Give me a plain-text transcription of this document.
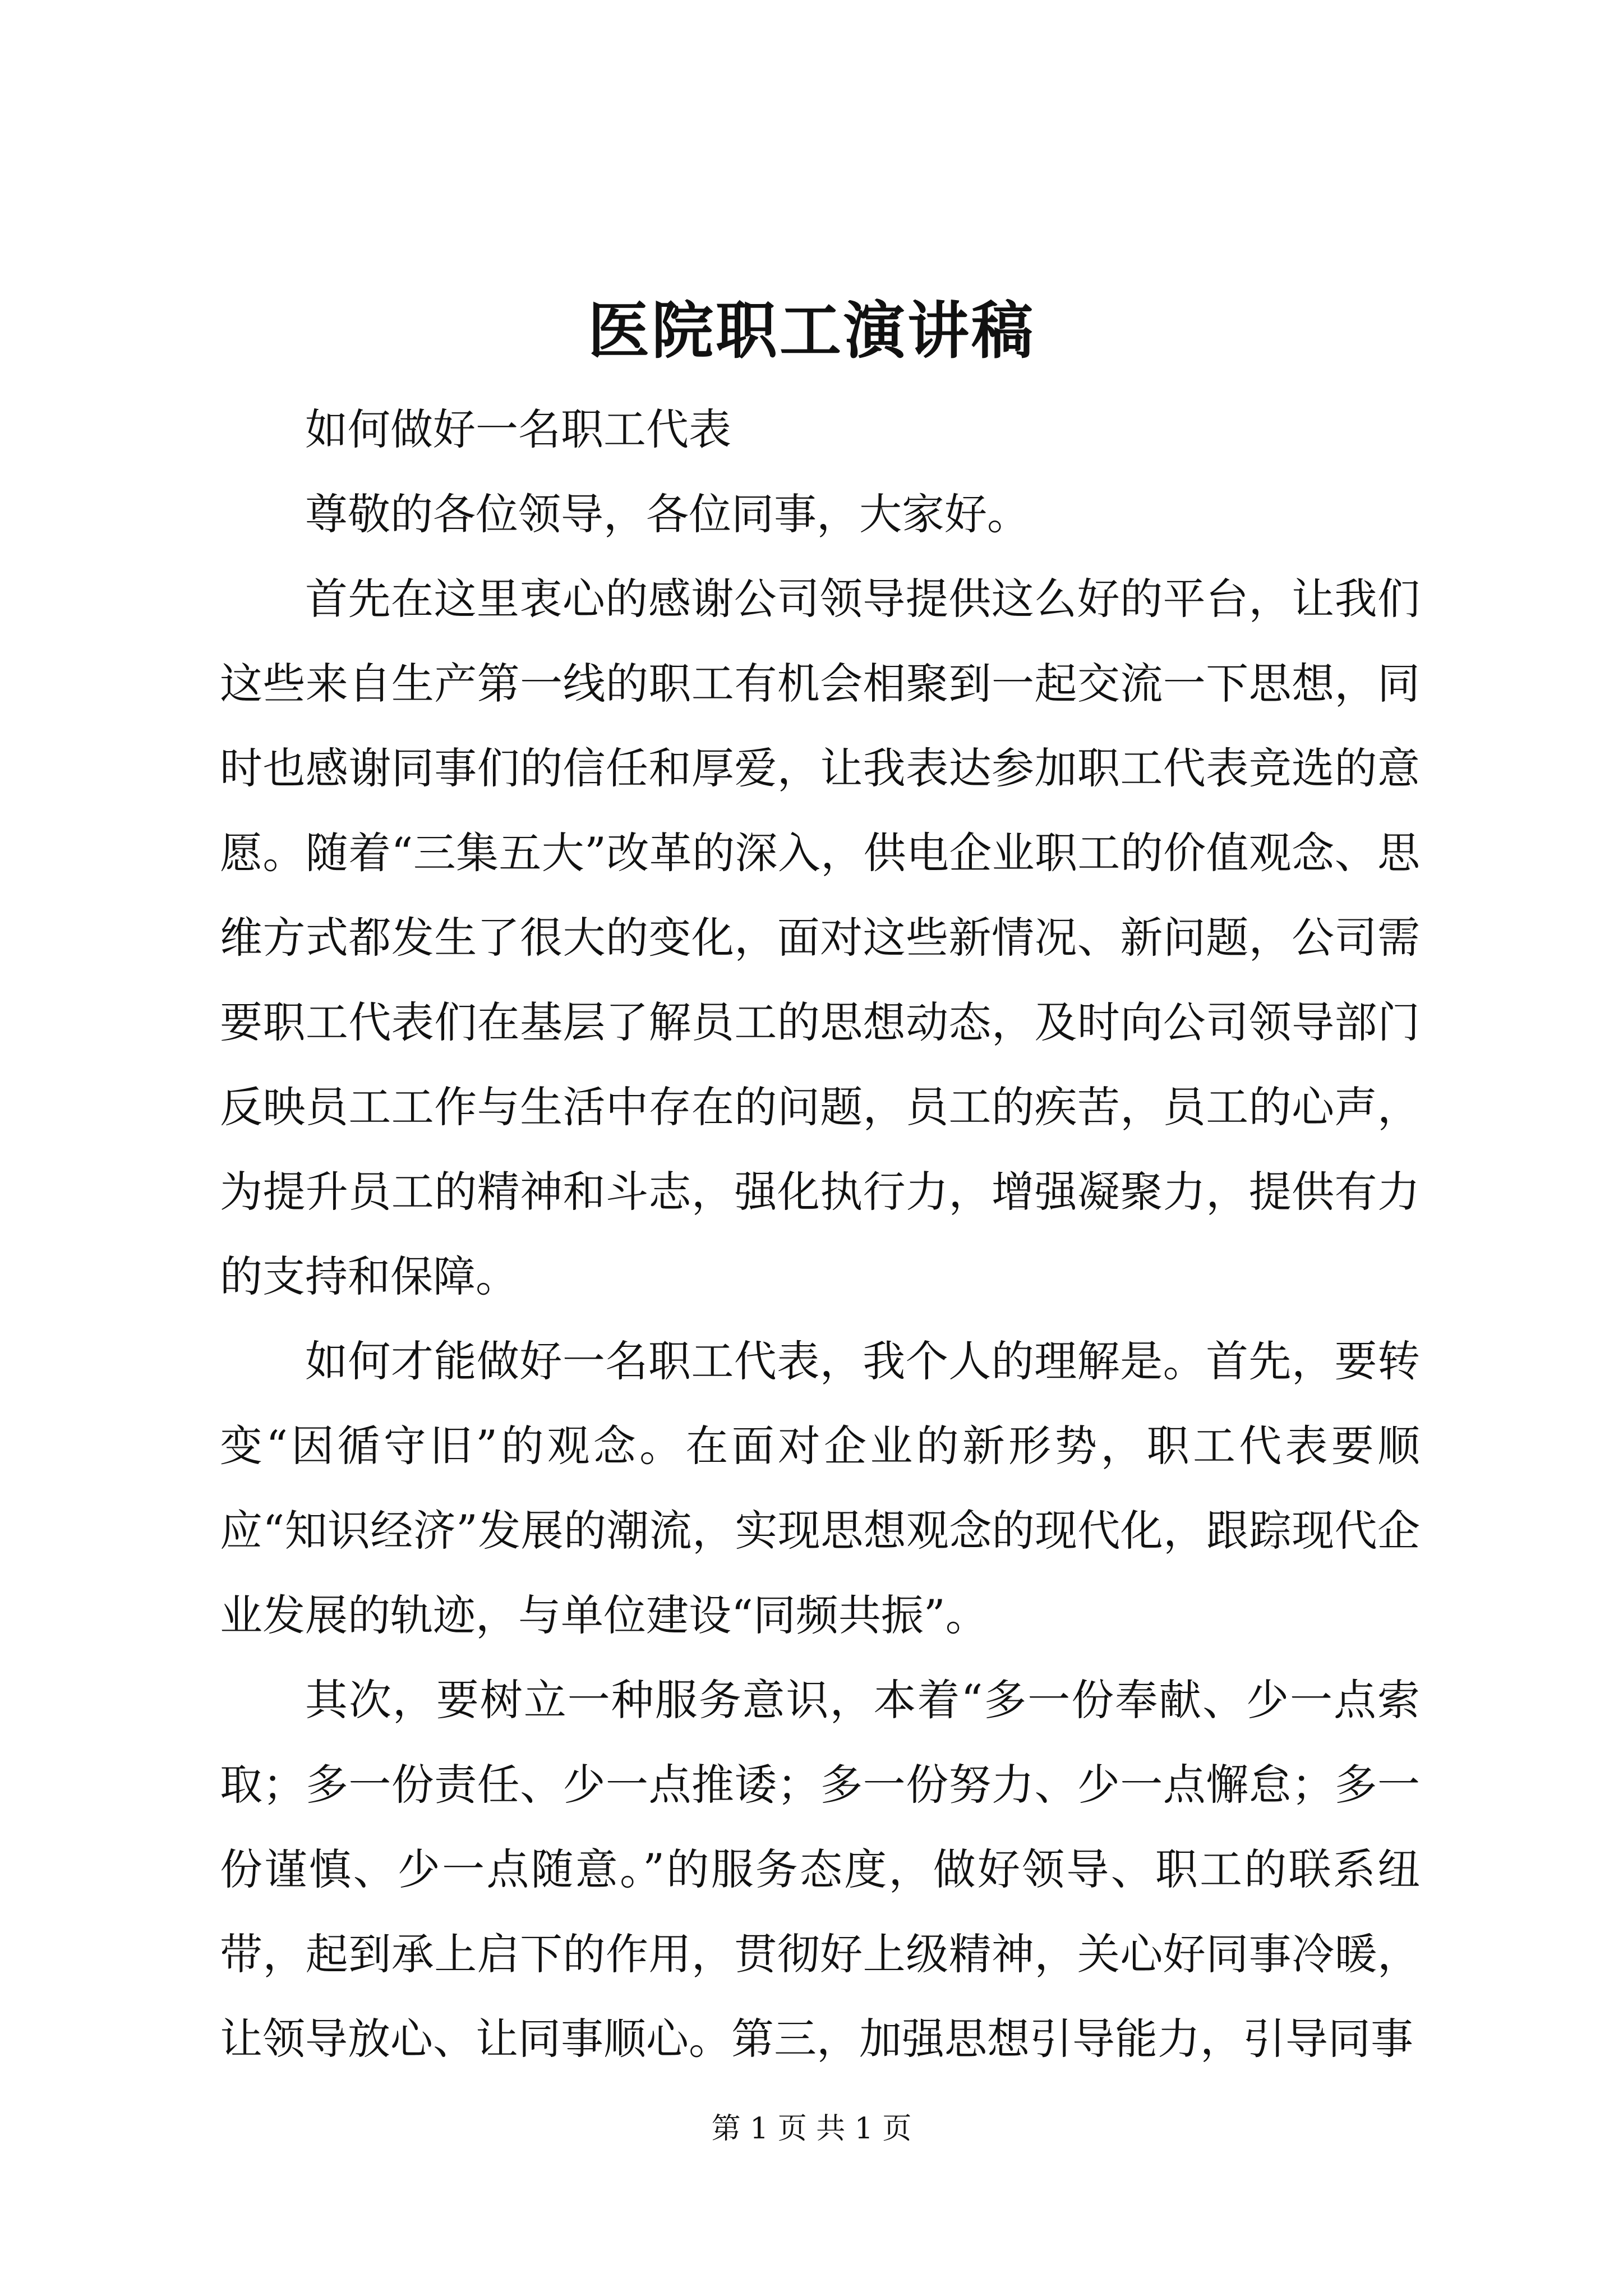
医院职工演讲稿

如何做好一名职工代表

尊敬的各位领导，各位同事，大家好。

首先在这里衷心的感谢公司领导提供这么好的平台，让我们这些来自生产第一线的职工有机会相聚到一起交流一下思想，同时也感谢同事们的信任和厚爱，让我表达参加职工代表竞选的意愿。随着“三集五大”改革的深入，供电企业职工的价值观念、思维方式都发生了很大的变化，面对这些新情况、新问题，公司需要职工代表们在基层了解员工的思想动态，及时向公司领导部门反映员工工作与生活中存在的问题，员工的疾苦，员工的心声，为提升员工的精神和斗志，强化执行力，增强凝聚力，提供有力的支持和保障。

如何才能做好一名职工代表，我个人的理解是。首先，要转变“因循守旧”的观念。在面对企业的新形势，职工代表要顺应“知识经济”发展的潮流，实现思想观念的现代化，跟踪现代企业发展的轨迹，与单位建设“同频共振”。

其次，要树立一种服务意识，本着“多一份奉献、少一点索取；多一份责任、少一点推诿；多一份努力、少一点懈怠；多一份谨慎、少一点随意。”的服务态度，做好领导、职工的联系纽带，起到承上启下的作用，贯彻好上级精神，关心好同事冷暖，让领导放心、让同事顺心。第三，加强思想引导能力，引导同事

第 1 页 共 1 页
